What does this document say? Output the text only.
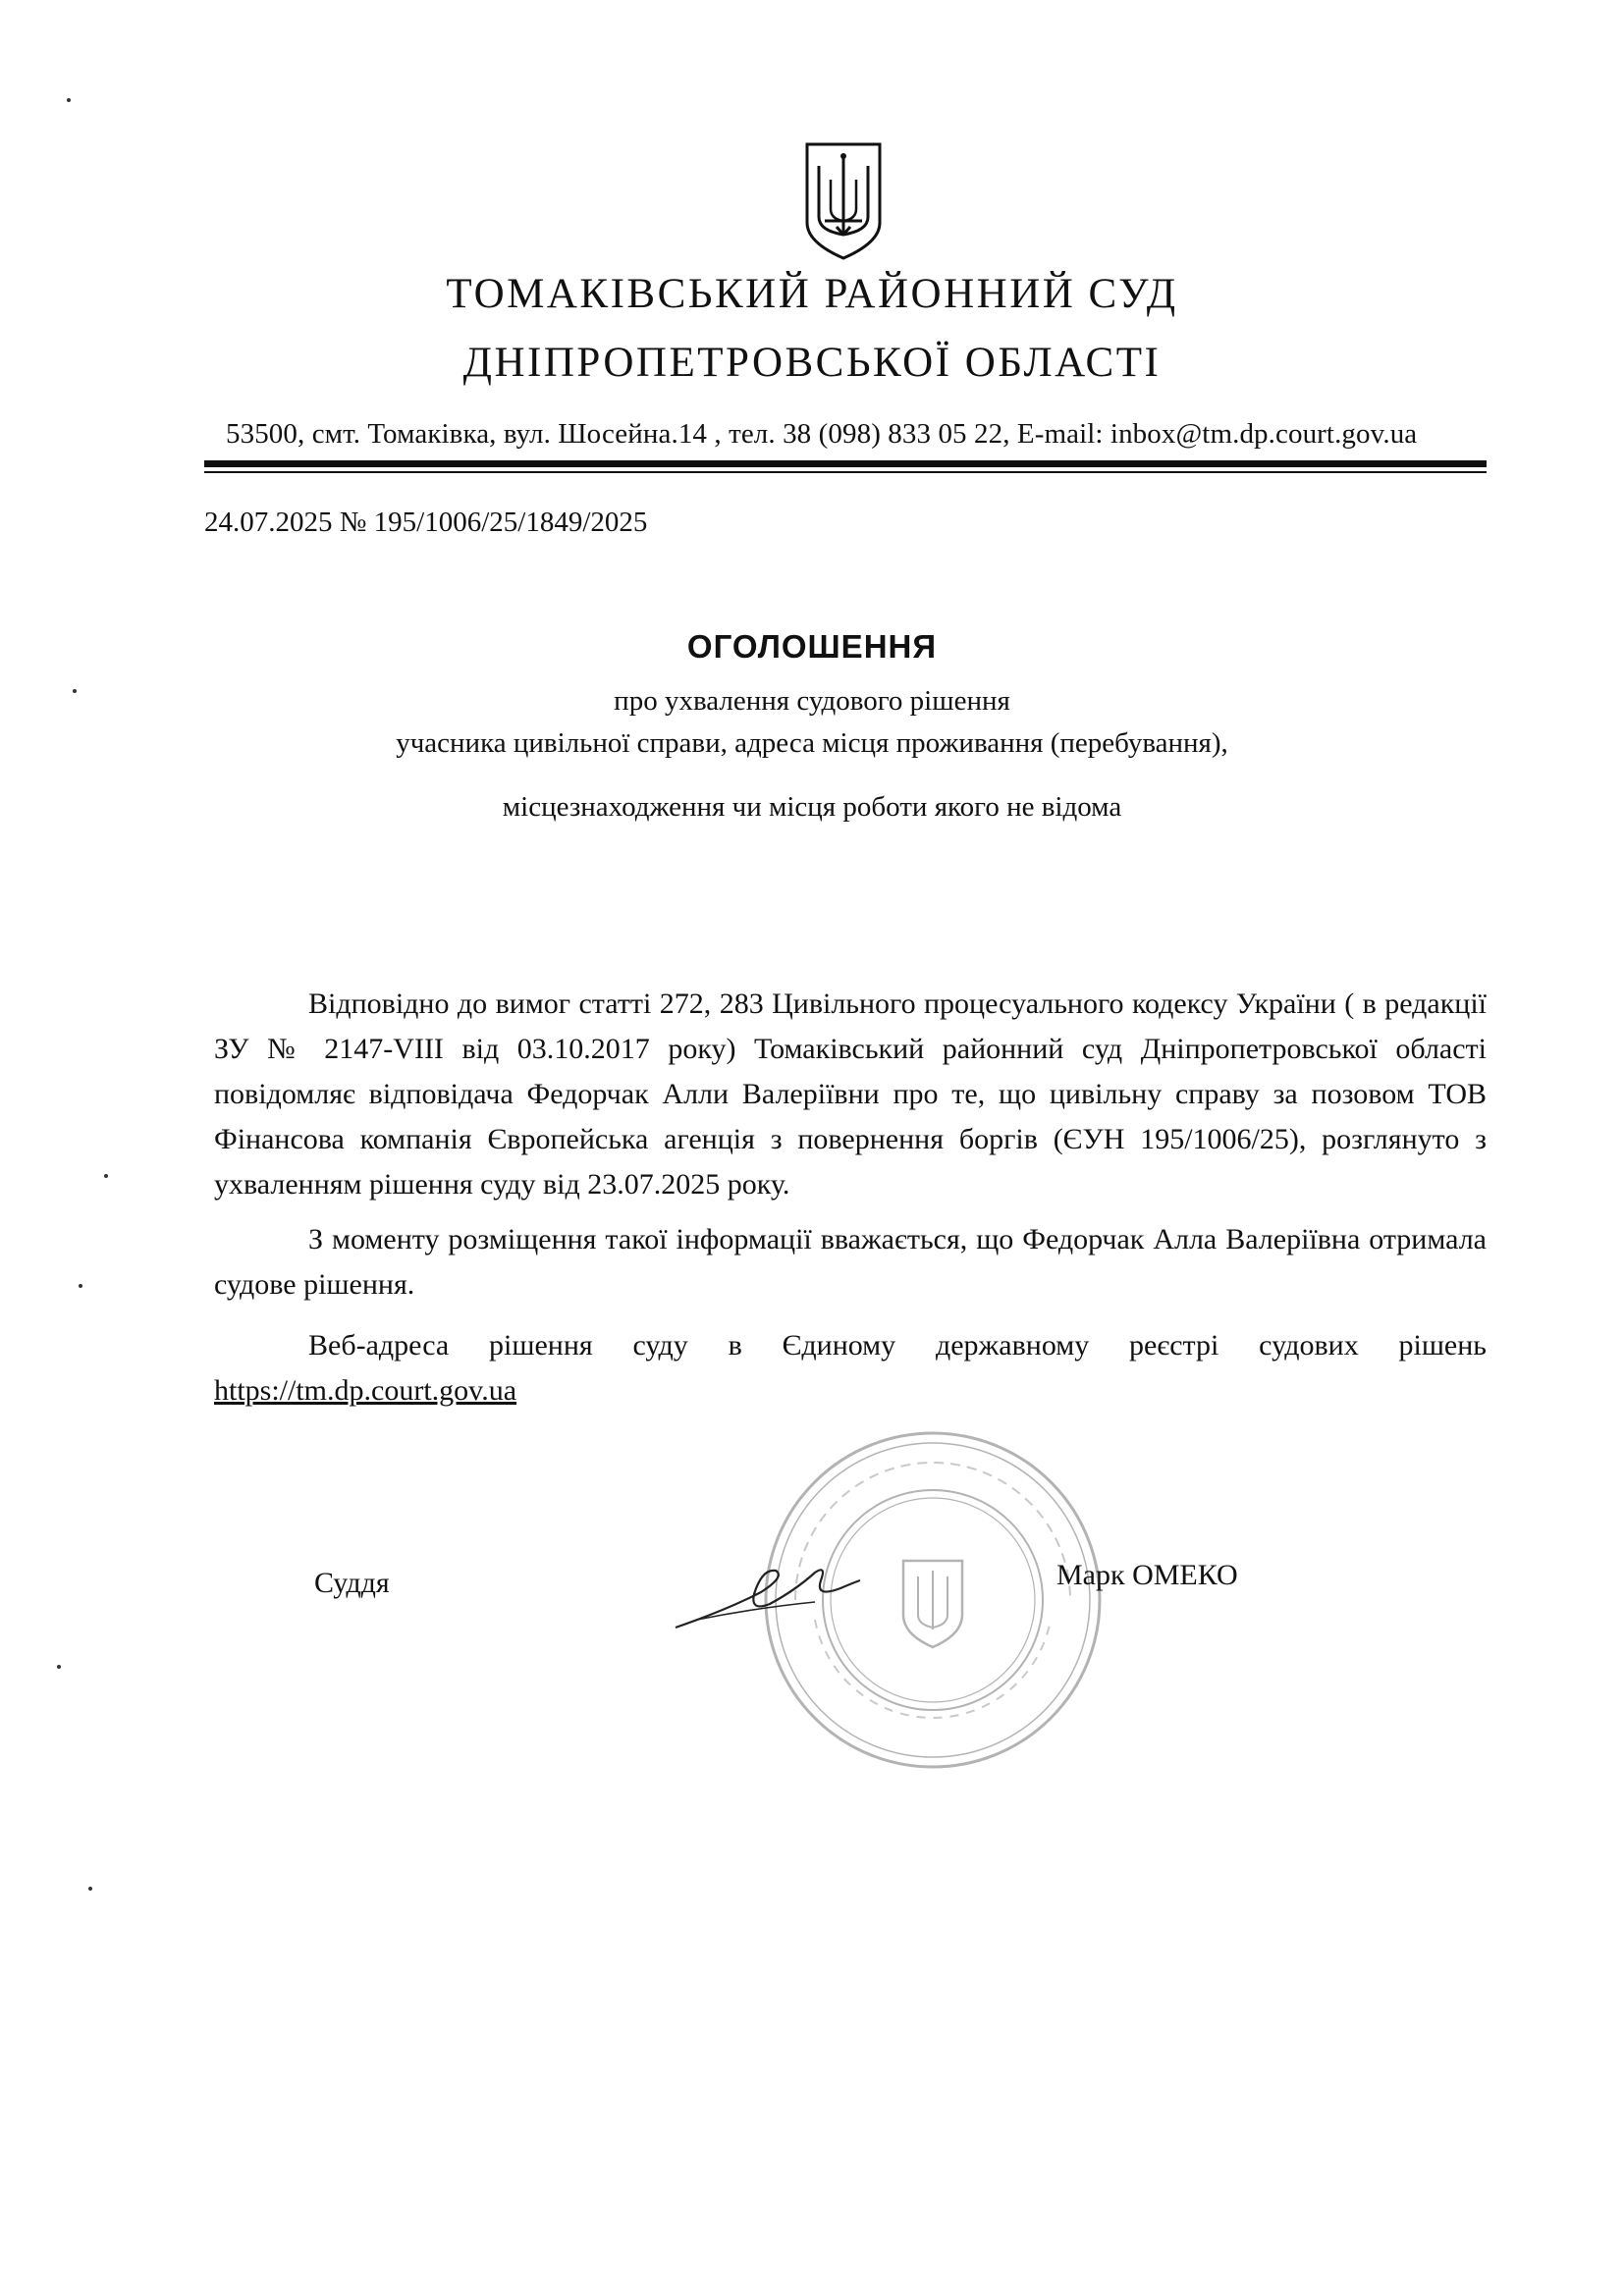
ТОМАКІВСЬКИЙ РАЙОННИЙ СУД
ДНІПРОПЕТРОВСЬКОЇ ОБЛАСТІ
53500, смт. Томаківка, вул. Шосейна.14 , тел. 38 (098) 833 05 22, E-mail: inbox@tm.dp.court.gov.ua
24.07.2025 № 195/1006/25/1849/2025
ОГОЛОШЕННЯ
про ухвалення судового рішення
учасника цивільної справи, адреса місця проживання (перебування),
місцезнаходження чи місця роботи якого не відома
Відповідно до вимог статті 272, 283 Цивільного процесуального кодексу України ( в редакції ЗУ № 2147-VIII від 03.10.2017 року) Томаківський районний суд Дніпропетровської області повідомляє відповідача Федорчак Алли Валеріївни про те, що цивільну справу за позовом ТОВ Фінансова компанія Європейська агенція з повернення боргів (ЄУН 195/1006/25), розглянуто з ухваленням рішення суду від 23.07.2025 року.
З моменту розміщення такої інформації вважається, що Федорчак Алла Валеріївна отримала судове рішення.
Веб-адреса рішення суду в Єдиному державному реєстрі судових рішень https://tm.dp.court.gov.ua
Суддя	Марк ОМЕКО
